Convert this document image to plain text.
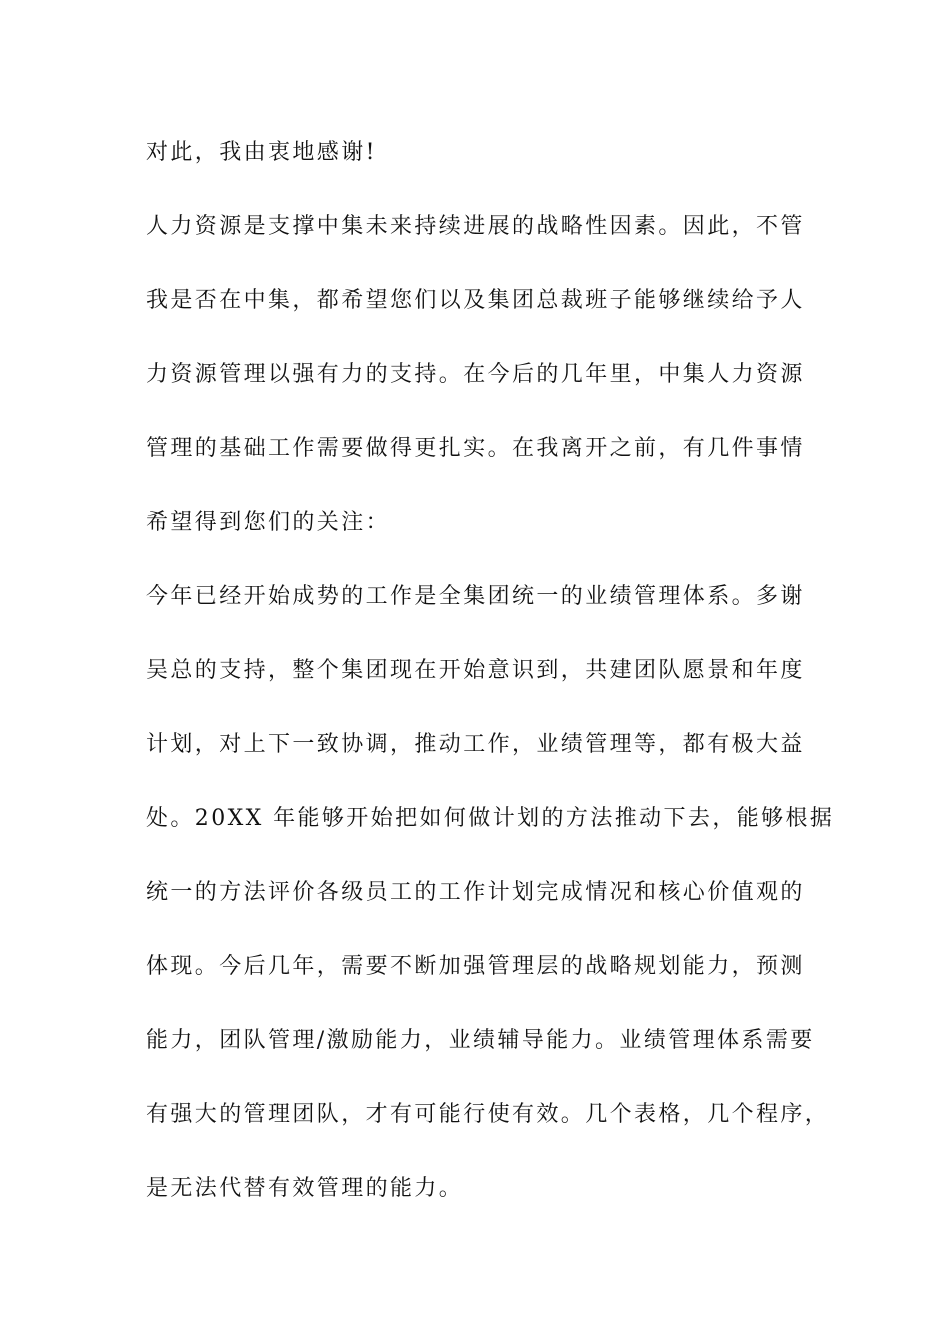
对此，我由衷地感谢!
人力资源是支撑中集未来持续进展的战略性因素。因此，不管
我是否在中集，都希望您们以及集团总裁班子能够继续给予人
力资源管理以强有力的支持。在今后的几年里，中集人力资源
管理的基础工作需要做得更扎实。在我离开之前，有几件事情
希望得到您们的关注：
今年已经开始成势的工作是全集团统一的业绩管理体系。多谢
吴总的支持，整个集团现在开始意识到，共建团队愿景和年度
计划，对上下一致协调，推动工作，业绩管理等，都有极大益
处。20XX 年能够开始把如何做计划的方法推动下去，能够根据
统一的方法评价各级员工的工作计划完成情况和核心价值观的
体现。今后几年，需要不断加强管理层的战略规划能力，预测
能力，团队管理/激励能力，业绩辅导能力。业绩管理体系需要
有强大的管理团队，才有可能行使有效。几个表格，几个程序，
是无法代替有效管理的能力。
